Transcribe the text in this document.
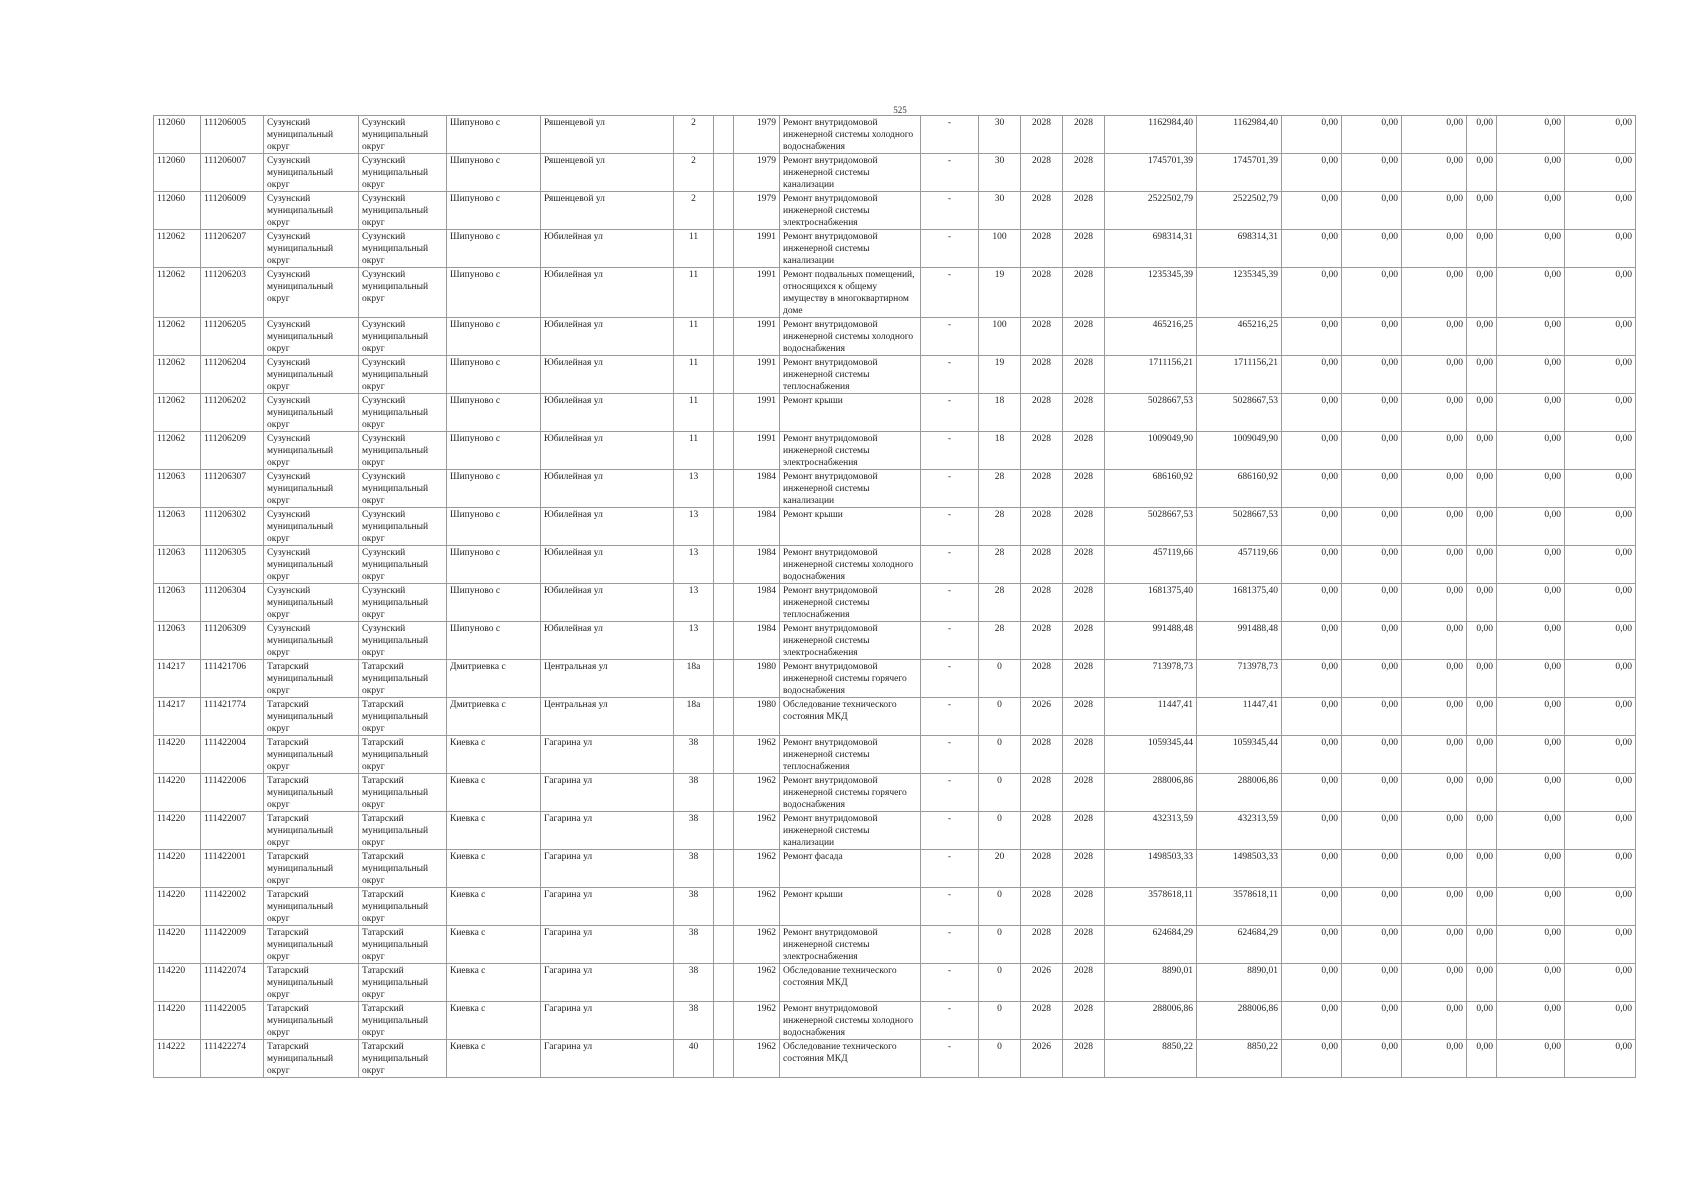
525
112060	111206005	Сузунский муниципальный округ	Сузунский муниципальный округ	Шипуново с	Ряшенцевой ул	2		1979	Ремонт внутридомовой инженерной системы холодного водоснабжения	-	30	2028	2028	1162984,40	1162984,40	0,00	0,00	0,00	0,00	0,00	0,00
112060	111206007	Сузунский муниципальный округ	Сузунский муниципальный округ	Шипуново с	Ряшенцевой ул	2		1979	Ремонт внутридомовой инженерной системы канализации	-	30	2028	2028	1745701,39	1745701,39	0,00	0,00	0,00	0,00	0,00	0,00
112060	111206009	Сузунский муниципальный округ	Сузунский муниципальный округ	Шипуново с	Ряшенцевой ул	2		1979	Ремонт внутридомовой инженерной системы электроснабжения	-	30	2028	2028	2522502,79	2522502,79	0,00	0,00	0,00	0,00	0,00	0,00
112062	111206207	Сузунский муниципальный округ	Сузунский муниципальный округ	Шипуново с	Юбилейная ул	11		1991	Ремонт внутридомовой инженерной системы канализации	-	100	2028	2028	698314,31	698314,31	0,00	0,00	0,00	0,00	0,00	0,00
112062	111206203	Сузунский муниципальный округ	Сузунский муниципальный округ	Шипуново с	Юбилейная ул	11		1991	Ремонт подвальных помещений, относящихся к общему имуществу в многоквартирном доме	-	19	2028	2028	1235345,39	1235345,39	0,00	0,00	0,00	0,00	0,00	0,00
112062	111206205	Сузунский муниципальный округ	Сузунский муниципальный округ	Шипуново с	Юбилейная ул	11		1991	Ремонт внутридомовой инженерной системы холодного водоснабжения	-	100	2028	2028	465216,25	465216,25	0,00	0,00	0,00	0,00	0,00	0,00
112062	111206204	Сузунский муниципальный округ	Сузунский муниципальный округ	Шипуново с	Юбилейная ул	11		1991	Ремонт внутридомовой инженерной системы теплоснабжения	-	19	2028	2028	1711156,21	1711156,21	0,00	0,00	0,00	0,00	0,00	0,00
112062	111206202	Сузунский муниципальный округ	Сузунский муниципальный округ	Шипуново с	Юбилейная ул	11		1991	Ремонт крыши	-	18	2028	2028	5028667,53	5028667,53	0,00	0,00	0,00	0,00	0,00	0,00
112062	111206209	Сузунский муниципальный округ	Сузунский муниципальный округ	Шипуново с	Юбилейная ул	11		1991	Ремонт внутридомовой инженерной системы электроснабжения	-	18	2028	2028	1009049,90	1009049,90	0,00	0,00	0,00	0,00	0,00	0,00
112063	111206307	Сузунский муниципальный округ	Сузунский муниципальный округ	Шипуново с	Юбилейная ул	13		1984	Ремонт внутридомовой инженерной системы канализации	-	28	2028	2028	686160,92	686160,92	0,00	0,00	0,00	0,00	0,00	0,00
112063	111206302	Сузунский муниципальный округ	Сузунский муниципальный округ	Шипуново с	Юбилейная ул	13		1984	Ремонт крыши	-	28	2028	2028	5028667,53	5028667,53	0,00	0,00	0,00	0,00	0,00	0,00
112063	111206305	Сузунский муниципальный округ	Сузунский муниципальный округ	Шипуново с	Юбилейная ул	13		1984	Ремонт внутридомовой инженерной системы холодного водоснабжения	-	28	2028	2028	457119,66	457119,66	0,00	0,00	0,00	0,00	0,00	0,00
112063	111206304	Сузунский муниципальный округ	Сузунский муниципальный округ	Шипуново с	Юбилейная ул	13		1984	Ремонт внутридомовой инженерной системы теплоснабжения	-	28	2028	2028	1681375,40	1681375,40	0,00	0,00	0,00	0,00	0,00	0,00
112063	111206309	Сузунский муниципальный округ	Сузунский муниципальный округ	Шипуново с	Юбилейная ул	13		1984	Ремонт внутридомовой инженерной системы электроснабжения	-	28	2028	2028	991488,48	991488,48	0,00	0,00	0,00	0,00	0,00	0,00
114217	111421706	Татарский муниципальный округ	Татарский муниципальный округ	Дмитриевка с	Центральная ул	18а		1980	Ремонт внутридомовой инженерной системы горячего водоснабжения	-	0	2028	2028	713978,73	713978,73	0,00	0,00	0,00	0,00	0,00	0,00
114217	111421774	Татарский муниципальный округ	Татарский муниципальный округ	Дмитриевка с	Центральная ул	18а		1980	Обследование технического состояния МКД	-	0	2026	2028	11447,41	11447,41	0,00	0,00	0,00	0,00	0,00	0,00
114220	111422004	Татарский муниципальный округ	Татарский муниципальный округ	Киевка с	Гагарина ул	38		1962	Ремонт внутридомовой инженерной системы теплоснабжения	-	0	2028	2028	1059345,44	1059345,44	0,00	0,00	0,00	0,00	0,00	0,00
114220	111422006	Татарский муниципальный округ	Татарский муниципальный округ	Киевка с	Гагарина ул	38		1962	Ремонт внутридомовой инженерной системы горячего водоснабжения	-	0	2028	2028	288006,86	288006,86	0,00	0,00	0,00	0,00	0,00	0,00
114220	111422007	Татарский муниципальный округ	Татарский муниципальный округ	Киевка с	Гагарина ул	38		1962	Ремонт внутридомовой инженерной системы канализации	-	0	2028	2028	432313,59	432313,59	0,00	0,00	0,00	0,00	0,00	0,00
114220	111422001	Татарский муниципальный округ	Татарский муниципальный округ	Киевка с	Гагарина ул	38		1962	Ремонт фасада	-	20	2028	2028	1498503,33	1498503,33	0,00	0,00	0,00	0,00	0,00	0,00
114220	111422002	Татарский муниципальный округ	Татарский муниципальный округ	Киевка с	Гагарина ул	38		1962	Ремонт крыши	-	0	2028	2028	3578618,11	3578618,11	0,00	0,00	0,00	0,00	0,00	0,00
114220	111422009	Татарский муниципальный округ	Татарский муниципальный округ	Киевка с	Гагарина ул	38		1962	Ремонт внутридомовой инженерной системы электроснабжения	-	0	2028	2028	624684,29	624684,29	0,00	0,00	0,00	0,00	0,00	0,00
114220	111422074	Татарский муниципальный округ	Татарский муниципальный округ	Киевка с	Гагарина ул	38		1962	Обследование технического состояния МКД	-	0	2026	2028	8890,01	8890,01	0,00	0,00	0,00	0,00	0,00	0,00
114220	111422005	Татарский муниципальный округ	Татарский муниципальный округ	Киевка с	Гагарина ул	38		1962	Ремонт внутридомовой инженерной системы холодного водоснабжения	-	0	2028	2028	288006,86	288006,86	0,00	0,00	0,00	0,00	0,00	0,00
114222	111422274	Татарский муниципальный округ	Татарский муниципальный округ	Киевка с	Гагарина ул	40		1962	Обследование технического состояния МКД	-	0	2026	2028	8850,22	8850,22	0,00	0,00	0,00	0,00	0,00	0,00
